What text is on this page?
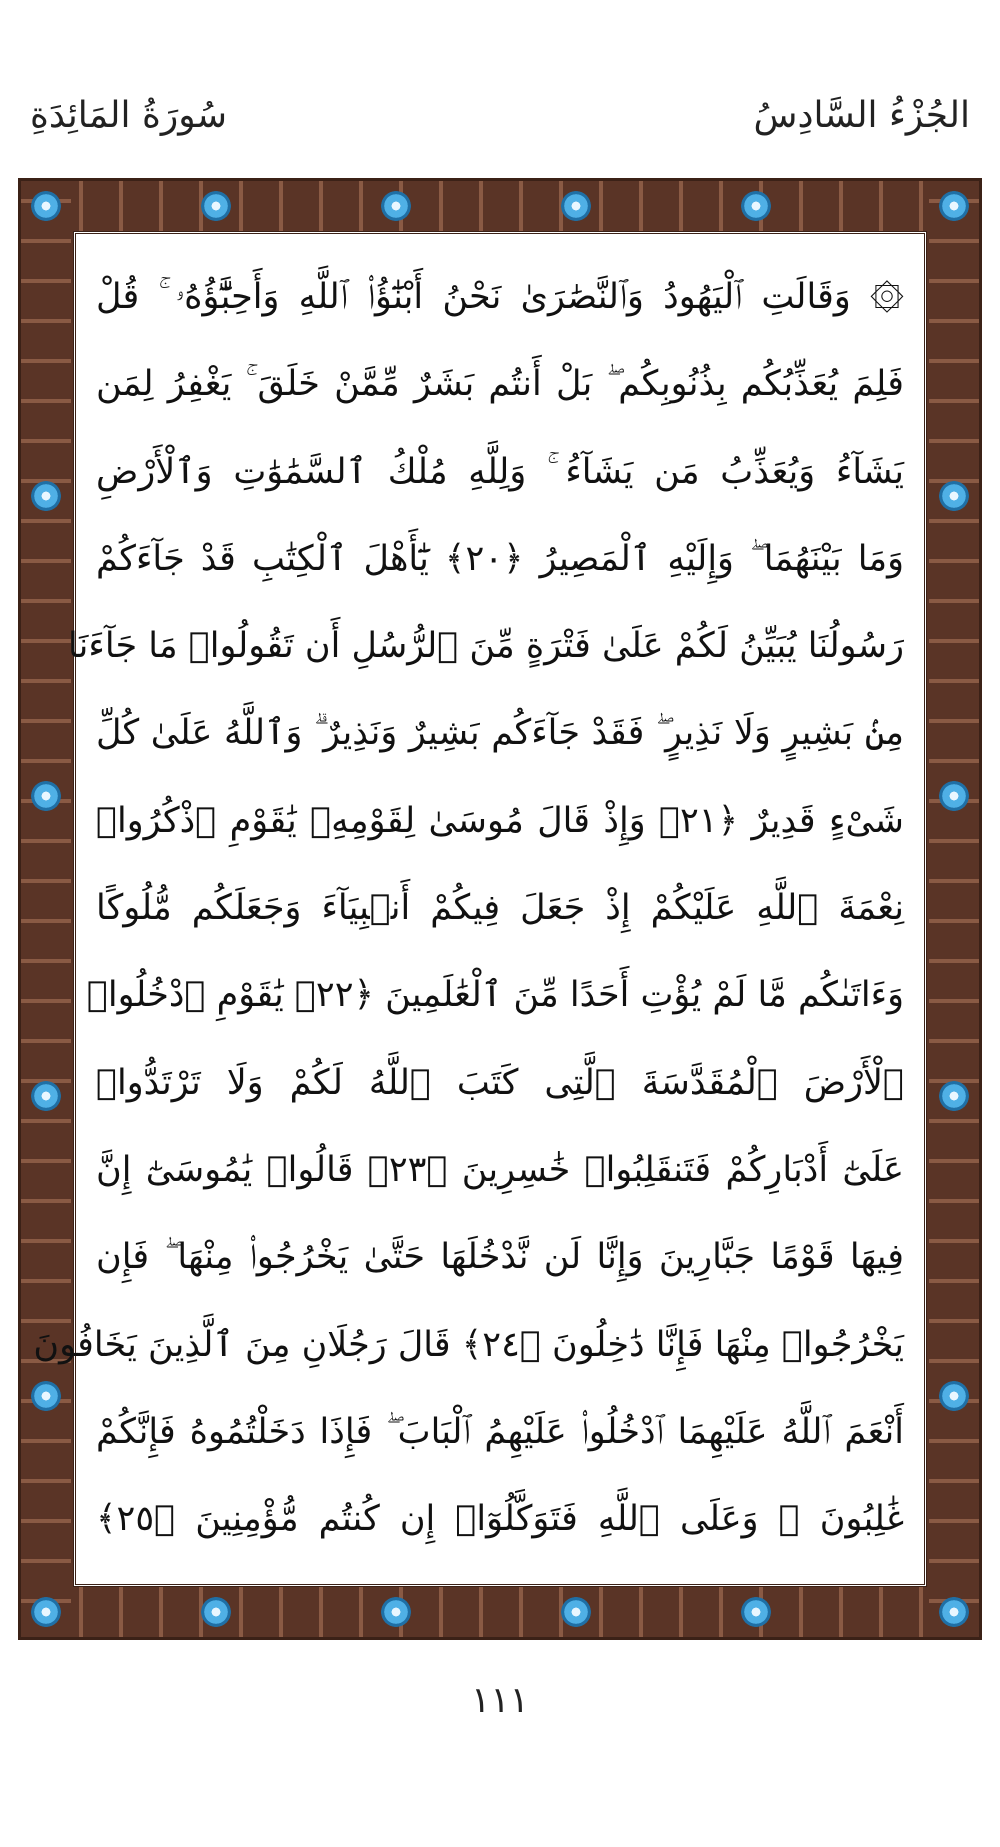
الجُزْءُ السَّادِسُ
سُورَةُ المَائِدَةِ
۞ وَقَالَتِ ٱلْيَهُودُ وَٱلنَّصَٰرَىٰ نَحْنُ أَبْنَٰٓؤُا۟ ٱللَّهِ وَأَحِبَّٰٓؤُهُۥ ۚ قُلْ
فَلِمَ يُعَذِّبُكُم بِذُنُوبِكُم ۖ بَلْ أَنتُم بَشَرٌ مِّمَّنْ خَلَقَ ۚ يَغْفِرُ لِمَن
يَشَآءُ وَيُعَذِّبُ مَن يَشَآءُ ۚ وَلِلَّهِ مُلْكُ ٱلسَّمَٰوَٰتِ وَٱلْأَرْضِ
وَمَا بَيْنَهُمَا ۖ وَإِلَيْهِ ٱلْمَصِيرُ ﴿٢٠﴾ يَٰٓأَهْلَ ٱلْكِتَٰبِ قَدْ جَآءَكُمْ
رَسُولُنَا يُبَيِّنُ لَكُمْ عَلَىٰ فَتْرَةٍ مِّنَ ٱلرُّسُلِ أَن تَقُولُوا۟ مَا جَآءَنَا
مِنۢ بَشِيرٍ وَلَا نَذِيرٍ ۖ فَقَدْ جَآءَكُم بَشِيرٌ وَنَذِيرٌ ۗ وَٱللَّهُ عَلَىٰ كُلِّ
شَىْءٍ قَدِيرٌ ﴿٢١﴾ وَإِذْ قَالَ مُوسَىٰ لِقَوْمِهِۦ يَٰقَوْمِ ٱذْكُرُوا۟
نِعْمَةَ ٱللَّهِ عَلَيْكُمْ إِذْ جَعَلَ فِيكُمْ أَنۢبِيَآءَ وَجَعَلَكُم مُّلُوكًا
وَءَاتَىٰكُم مَّا لَمْ يُؤْتِ أَحَدًا مِّنَ ٱلْعَٰلَمِينَ ﴿٢٢﴾ يَٰقَوْمِ ٱدْخُلُوا۟
ٱلْأَرْضَ ٱلْمُقَدَّسَةَ ٱلَّتِى كَتَبَ ٱللَّهُ لَكُمْ وَلَا تَرْتَدُّوا۟
عَلَىٰٓ أَدْبَارِكُمْ فَتَنقَلِبُوا۟ خَٰسِرِينَ ﴿٢٣﴾ قَالُوا۟ يَٰمُوسَىٰٓ إِنَّ
فِيهَا قَوْمًا جَبَّارِينَ وَإِنَّا لَن نَّدْخُلَهَا حَتَّىٰ يَخْرُجُوا۟ مِنْهَا ۖ فَإِن
يَخْرُجُوا۟ مِنْهَا فَإِنَّا دَٰخِلُونَ ﴿٢٤﴾ قَالَ رَجُلَانِ مِنَ ٱلَّذِينَ يَخَافُونَ
أَنْعَمَ ٱللَّهُ عَلَيْهِمَا ٱدْخُلُوا۟ عَلَيْهِمُ ٱلْبَابَ ۖ فَإِذَا دَخَلْتُمُوهُ فَإِنَّكُمْ
غَٰلِبُونَ ۚ وَعَلَى ٱللَّهِ فَتَوَكَّلُوٓا۟ إِن كُنتُم مُّؤْمِنِينَ ﴿٢٥﴾
١١١
